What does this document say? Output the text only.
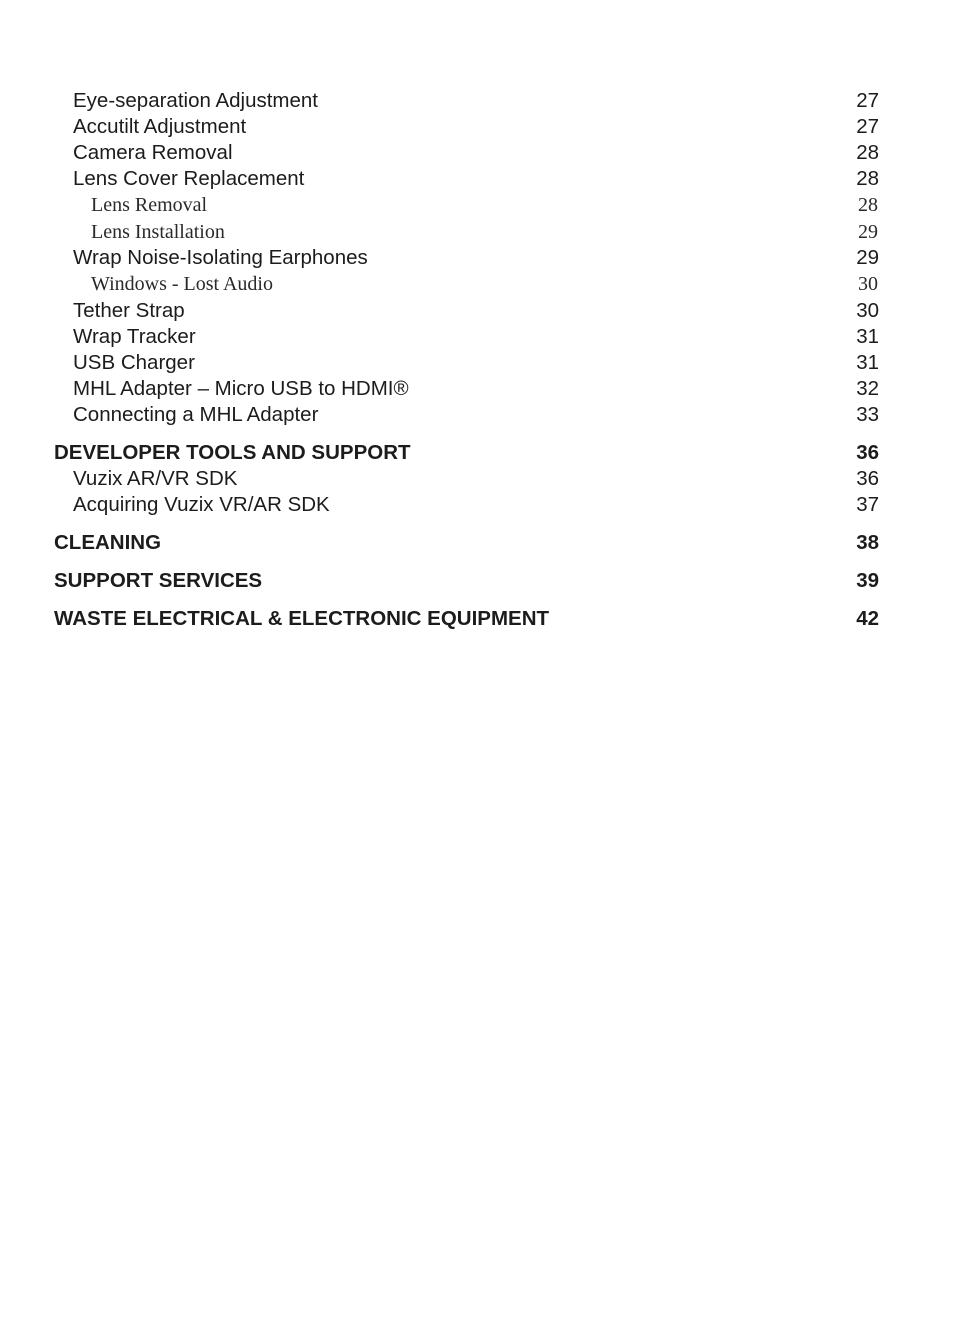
Eye-separation Adjustment	27
Accutilt Adjustment	27
Camera Removal	28
Lens Cover Replacement	28
Lens Removal	28
Lens Installation	29
Wrap Noise-Isolating Earphones	29
Windows - Lost Audio	30
Tether Strap	30
Wrap Tracker	31
USB Charger	31
MHL Adapter – Micro USB to HDMI®	32
Connecting a MHL Adapter	33
DEVELOPER TOOLS AND SUPPORT	36
Vuzix AR/VR SDK	36
Acquiring Vuzix VR/AR SDK	37
CLEANING	38
SUPPORT SERVICES	39
WASTE ELECTRICAL & ELECTRONIC EQUIPMENT	42
